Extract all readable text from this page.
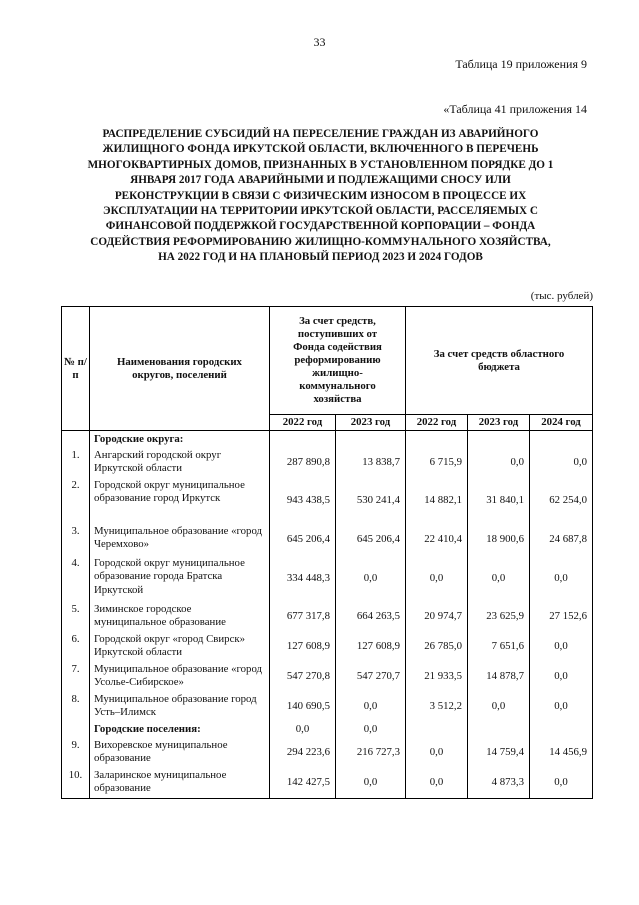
33
Таблица 19 приложения 9
«Таблица 41 приложения 14
РАСПРЕДЕЛЕНИЕ СУБСИДИЙ НА ПЕРЕСЕЛЕНИЕ ГРАЖДАН ИЗ АВАРИЙНОГО
ЖИЛИЩНОГО ФОНДА ИРКУТСКОЙ ОБЛАСТИ, ВКЛЮЧЕННОГО В ПЕРЕЧЕНЬ
МНОГОКВАРТИРНЫХ ДОМОВ, ПРИЗНАННЫХ В УСТАНОВЛЕННОМ ПОРЯДКЕ ДО 1
ЯНВАРЯ 2017 ГОДА АВАРИЙНЫМИ И ПОДЛЕЖАЩИМИ СНОСУ ИЛИ
РЕКОНСТРУКЦИИ В СВЯЗИ С ФИЗИЧЕСКИМ ИЗНОСОМ В ПРОЦЕССЕ ИХ
ЭКСПЛУАТАЦИИ НА ТЕРРИТОРИИ ИРКУТСКОЙ ОБЛАСТИ, РАССЕЛЯЕМЫХ С
ФИНАНСОВОЙ ПОДДЕРЖКОЙ ГОСУДАРСТВЕННОЙ КОРПОРАЦИИ – ФОНДА
СОДЕЙСТВИЯ РЕФОРМИРОВАНИЮ ЖИЛИЩНО-КОММУНАЛЬНОГО ХОЗЯЙСТВА,
НА 2022 ГОД И НА ПЛАНОВЫЙ ПЕРИОД 2023 И 2024 ГОДОВ
(тыс. рублей)
№ п/п	Наименования городских округов, поселений	За счет средств, поступивших от Фонда содействия реформированию жилищно-коммунального хозяйства		За счет средств областного бюджета		
		2022 год	2023 год	2022 год	2023 год	2024 год
	Городские округа:					
1.	Ангарский городской округ Иркутской области	287 890,8	13 838,7	6 715,9	0,0	0,0
2.	Городской округ муниципальное образование город Иркутск	943 438,5	530 241,4	14 882,1	31 840,1	62 254,0
3.	Муниципальное образование «город Черемхово»	645 206,4	645 206,4	22 410,4	18 900,6	24 687,8
4.	Городской округ муниципальное образование города Братска Иркутской	334 448,3	0,0	0,0	0,0	0,0
5.	Зиминское городское муниципальное образование	677 317,8	664 263,5	20 974,7	23 625,9	27 152,6
6.	Городской округ «город Свирск» Иркутской области	127 608,9	127 608,9	26 785,0	7 651,6	0,0
7.	Муниципальное образование «город Усолье-Сибирское»	547 270,8	547 270,7	21 933,5	14 878,7	0,0
8.	Муниципальное образование город Усть–Илимск	140 690,5	0,0	3 512,2	0,0	0,0
	Городские поселения:	0,0	0,0			
9.	Вихоревское муниципальное образование	294 223,6	216 727,3	0,0	14 759,4	14 456,9
10.	Заларинское муниципальное образование	142 427,5	0,0	0,0	4 873,3	0,0
